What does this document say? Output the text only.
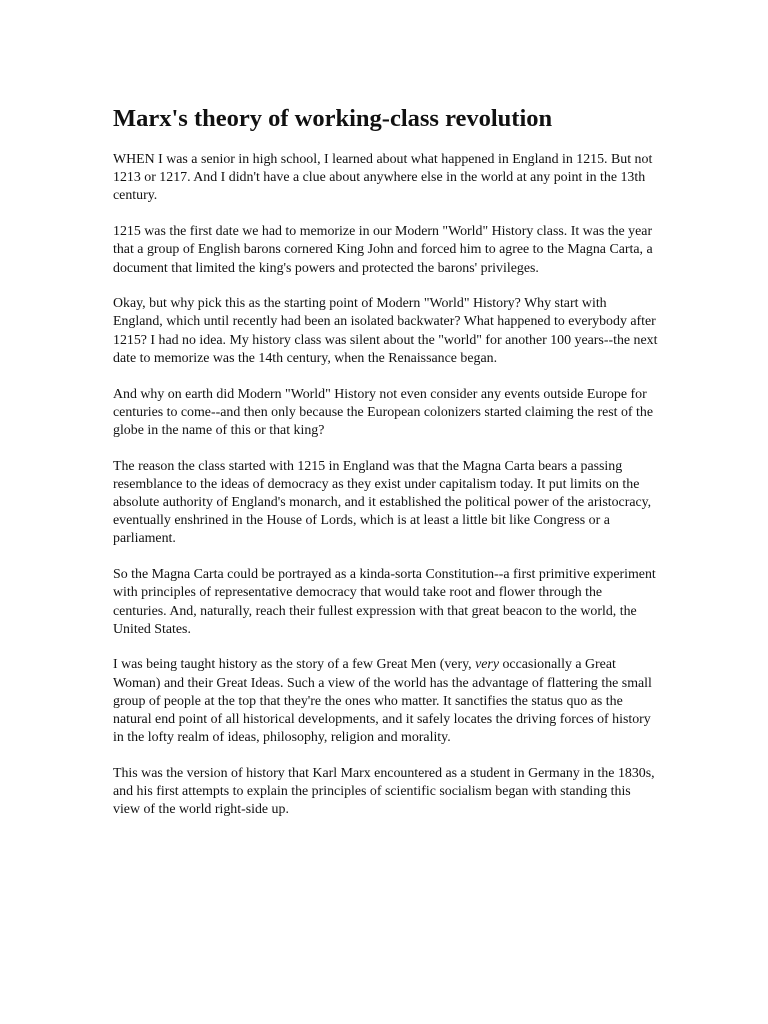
Marx's theory of working-class revolution

WHEN I was a senior in high school, I learned about what happened in England in 1215. But not 1213 or 1217. And I didn't have a clue about anywhere else in the world at any point in the 13th century.

1215 was the first date we had to memorize in our Modern "World" History class. It was the year that a group of English barons cornered King John and forced him to agree to the Magna Carta, a document that limited the king's powers and protected the barons' privileges.

Okay, but why pick this as the starting point of Modern "World" History? Why start with England, which until recently had been an isolated backwater? What happened to everybody after 1215? I had no idea. My history class was silent about the "world" for another 100 years--the next date to memorize was the 14th century, when the Renaissance began.

And why on earth did Modern "World" History not even consider any events outside Europe for centuries to come--and then only because the European colonizers started claiming the rest of the globe in the name of this or that king?

The reason the class started with 1215 in England was that the Magna Carta bears a passing resemblance to the ideas of democracy as they exist under capitalism today. It put limits on the absolute authority of England's monarch, and it established the political power of the aristocracy, eventually enshrined in the House of Lords, which is at least a little bit like Congress or a parliament.

So the Magna Carta could be portrayed as a kinda-sorta Constitution--a first primitive experiment with principles of representative democracy that would take root and flower through the centuries. And, naturally, reach their fullest expression with that great beacon to the world, the United States.

I was being taught history as the story of a few Great Men (very, very occasionally a Great Woman) and their Great Ideas. Such a view of the world has the advantage of flattering the small group of people at the top that they're the ones who matter. It sanctifies the status quo as the natural end point of all historical developments, and it safely locates the driving forces of history in the lofty realm of ideas, philosophy, religion and morality.

This was the version of history that Karl Marx encountered as a student in Germany in the 1830s, and his first attempts to explain the principles of scientific socialism began with standing this view of the world right-side up.
